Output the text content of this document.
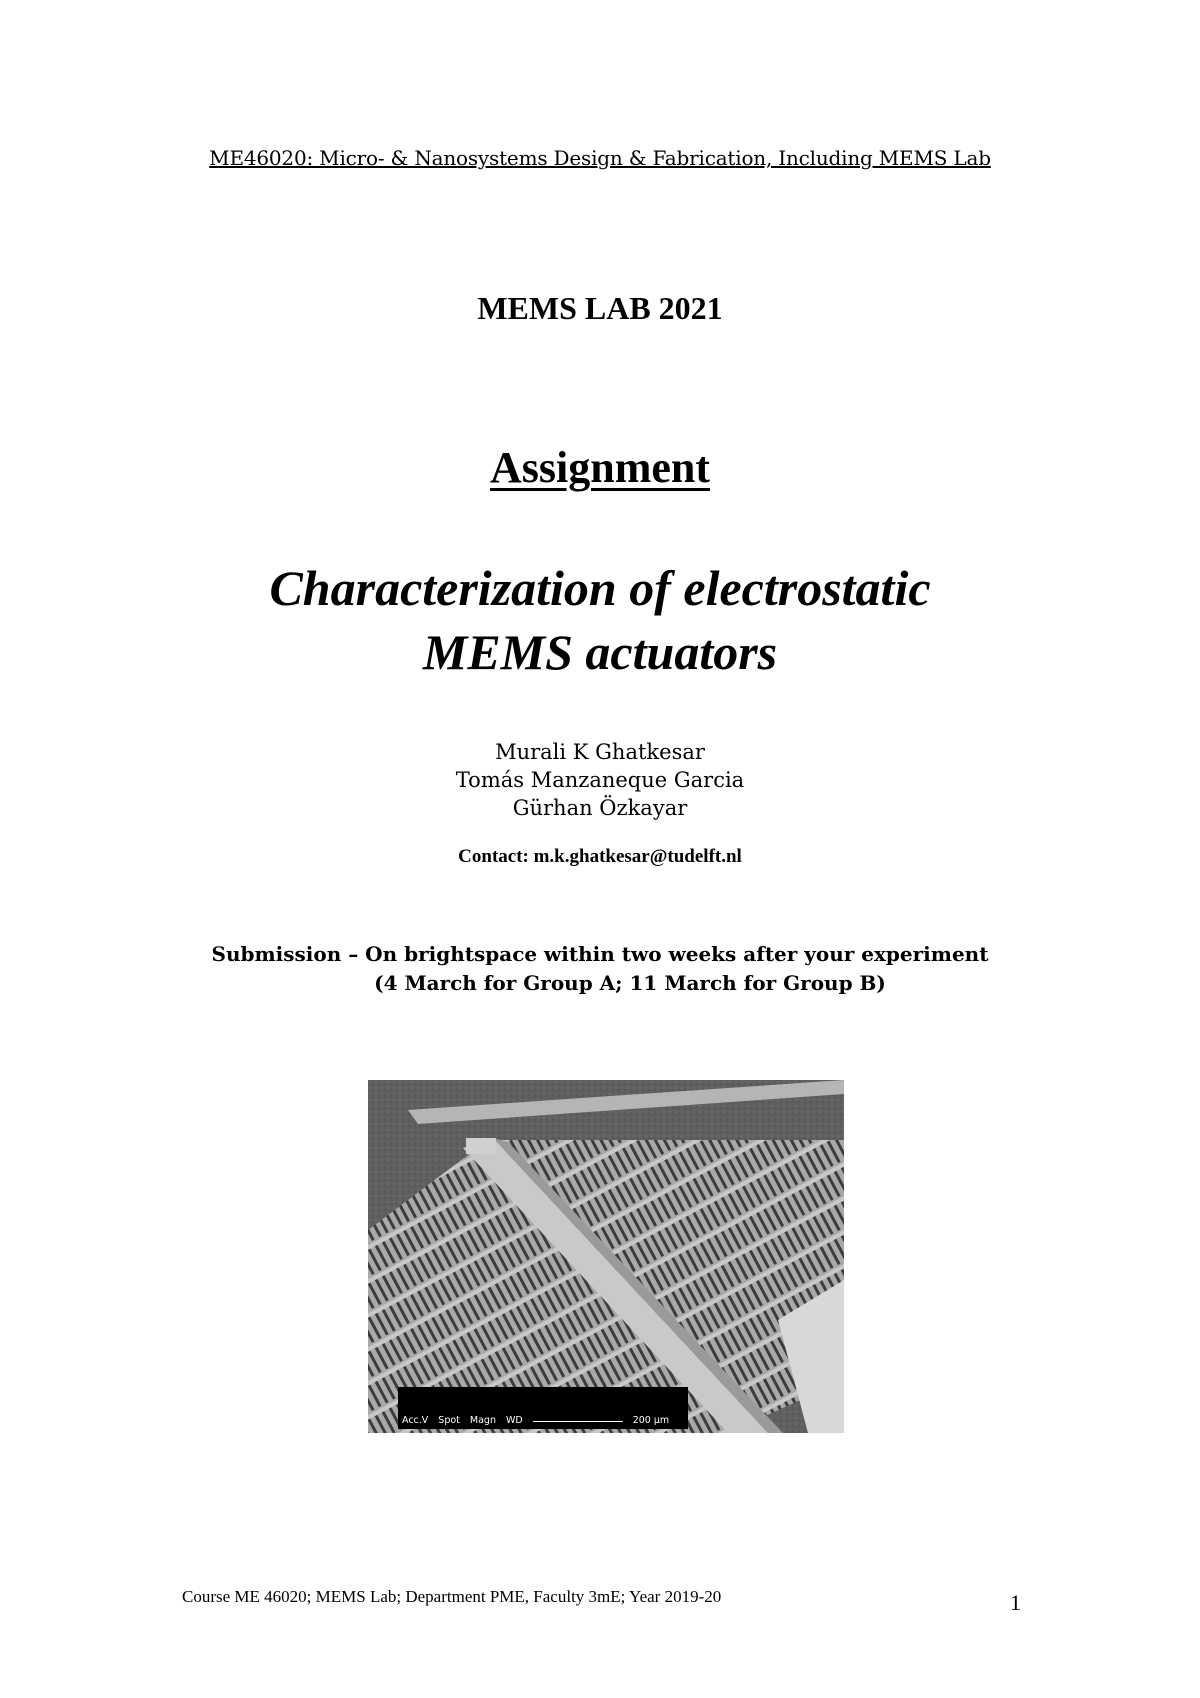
ME46020: Micro- & Nanosystems Design & Fabrication, Including MEMS Lab
MEMS LAB 2021
Assignment
Characterization of electrostatic
MEMS actuators
Murali K Ghatkesar
Tomás Manzaneque Garcia
Gürhan Özkayar
Contact: m.k.ghatkesar@tudelft.nl
Submission – On brightspace within two weeks after your experiment
(4 March for Group A; 11 March for Group B)

Acc.V Spot Magn WD	200 µm

15.0 kV 2.0 250x 9.8 structure after HF Vapor

Course ME 46020; MEMS Lab; Department PME, Faculty 3mE; Year 2019-20	1
